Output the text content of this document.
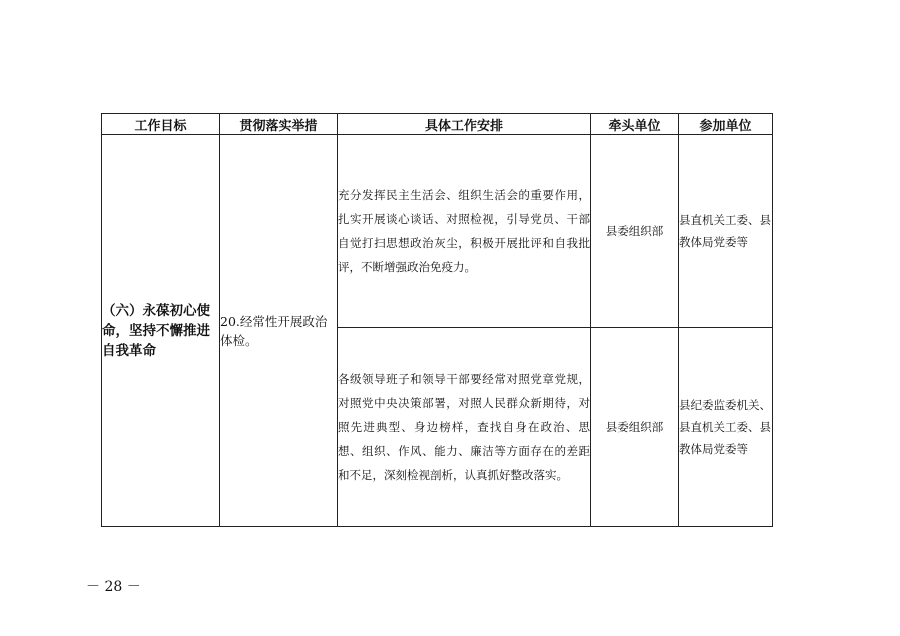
工作目标	贯彻落实举措	具体工作安排	牵头单位	参加单位
（六）永葆初心使命，坚持不懈推进自我革命	20.经常性开展政治体检。	充分发挥民主生活会、组织生活会的重要作用，扎实开展谈心谈话、对照检视，引导党员、干部自觉打扫思想政治灰尘，积极开展批评和自我批评，不断增强政治免疫力。	县委组织部	县直机关工委、县教体局党委等
		各级领导班子和领导干部要经常对照党章党规，对照党中央决策部署，对照人民群众新期待，对照先进典型、身边榜样，查找自身在政治、思想、组织、作风、能力、廉洁等方面存在的差距和不足，深刻检视剖析，认真抓好整改落实。	县委组织部	县纪委监委机关、县直机关工委、县教体局党委等
－ 28 －
